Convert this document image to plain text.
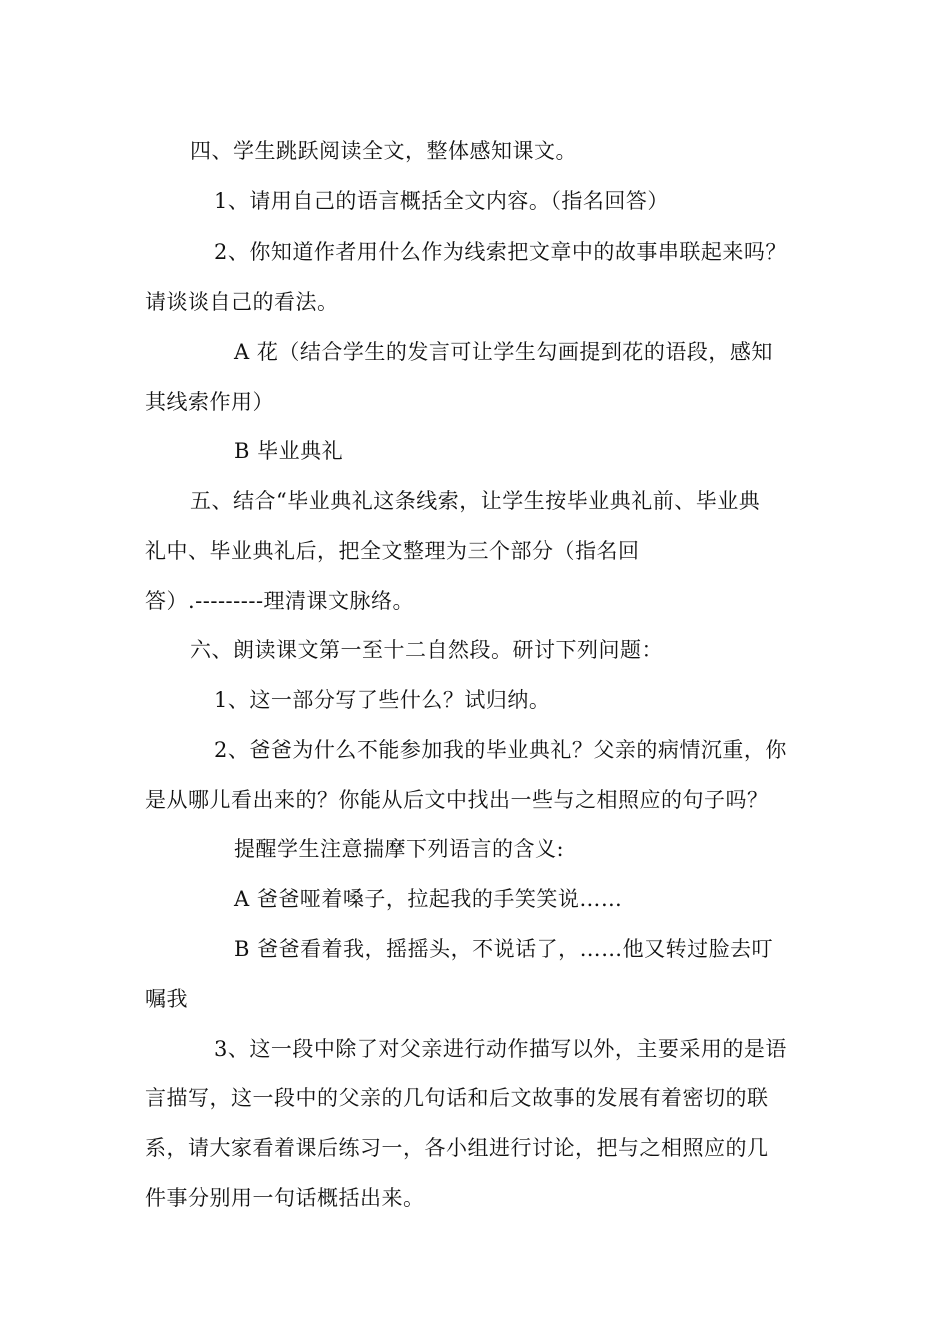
四、学生跳跃阅读全文，整体感知课文。

1、请用自己的语言概括全文内容。（指名回答）

2、你知道作者用什么作为线索把文章中的故事串联起来吗？

请谈谈自己的看法。

A 花（结合学生的发言可让学生勾画提到花的语段，感知

其线索作用）

B 毕业典礼

五、结合“毕业典礼这条线索，让学生按毕业典礼前、毕业典

礼中、毕业典礼后，把全文整理为三个部分（指名回

答）.---------理清课文脉络。

六、朗读课文第一至十二自然段。研讨下列问题：

1、这一部分写了些什么？试归纳。

2、爸爸为什么不能参加我的毕业典礼？父亲的病情沉重，你

是从哪儿看出来的？你能从后文中找出一些与之相照应的句子吗？

提醒学生注意揣摩下列语言的含义:

A 爸爸哑着嗓子，拉起我的手笑笑说……

B 爸爸看着我，摇摇头，不说话了，……他又转过脸去叮

嘱我

3、这一段中除了对父亲进行动作描写以外，主要采用的是语

言描写，这一段中的父亲的几句话和后文故事的发展有着密切的联

系，请大家看着课后练习一，各小组进行讨论，把与之相照应的几

件事分别用一句话概括出来。
